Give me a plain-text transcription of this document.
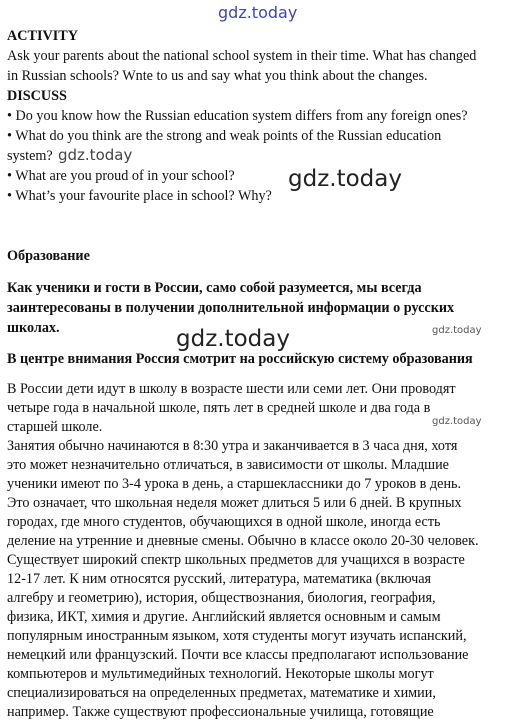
ACTIVITY
Ask your parents about the national school system in their time. What has changed
in Russian schools? Wnte to us and say what you think about the changes.
DISCUSS
• Do you know how the Russian education system differs from any foreign ones?
• What do you think are the strong and weak points of the Russian education
system?
• What are you proud of in your school?
• What’s your favourite place in school? Why?
Образование
Как ученики и гости в России, само собой разумеется, мы всегда
заинтересованы в получении дополнительной информации о русских
школах.
В центре внимания Россия смотрит на российскую систему образования
В России дети идут в школу в возрасте шести или семи лет. Они проводят
четыре года в начальной школе, пять лет в средней школе и два года в
старшей школе.
Занятия обычно начинаются в 8:30 утра и заканчивается в 3 часа дня, хотя
это может незначительно отличаться, в зависимости от школы. Младшие
ученики имеют по 3-4 урока в день, а старшеклассники до 7 уроков в день.
Это означает, что школьная неделя может длиться 5 или 6 дней. В крупных
городах, где много студентов, обучающихся в одной школе, иногда есть
деление на утренние и дневные смены. Обычно в классе около 20-30 человек.
Существует широкий спектр школьных предметов для учащихся в возрасте
12-17 лет. К ним относятся русский, литература, математика (включая
алгебру и геометрию), история, обществознания, биология, география,
физика, ИКТ, химия и другие. Английский является основным и самым
популярным иностранным языком, хотя студенты могут изучать испанский,
немецкий или французский. Почти все классы предполагают использование
компьютеров и мультимедийных технологий. Некоторые школы могут
специализироваться на определенных предметах, математике и химии,
например. Также существуют профессиональные училища, готовящие
gdz.today
gdz.today
gdz.today
gdz.today	gdz.today
gdz.today
